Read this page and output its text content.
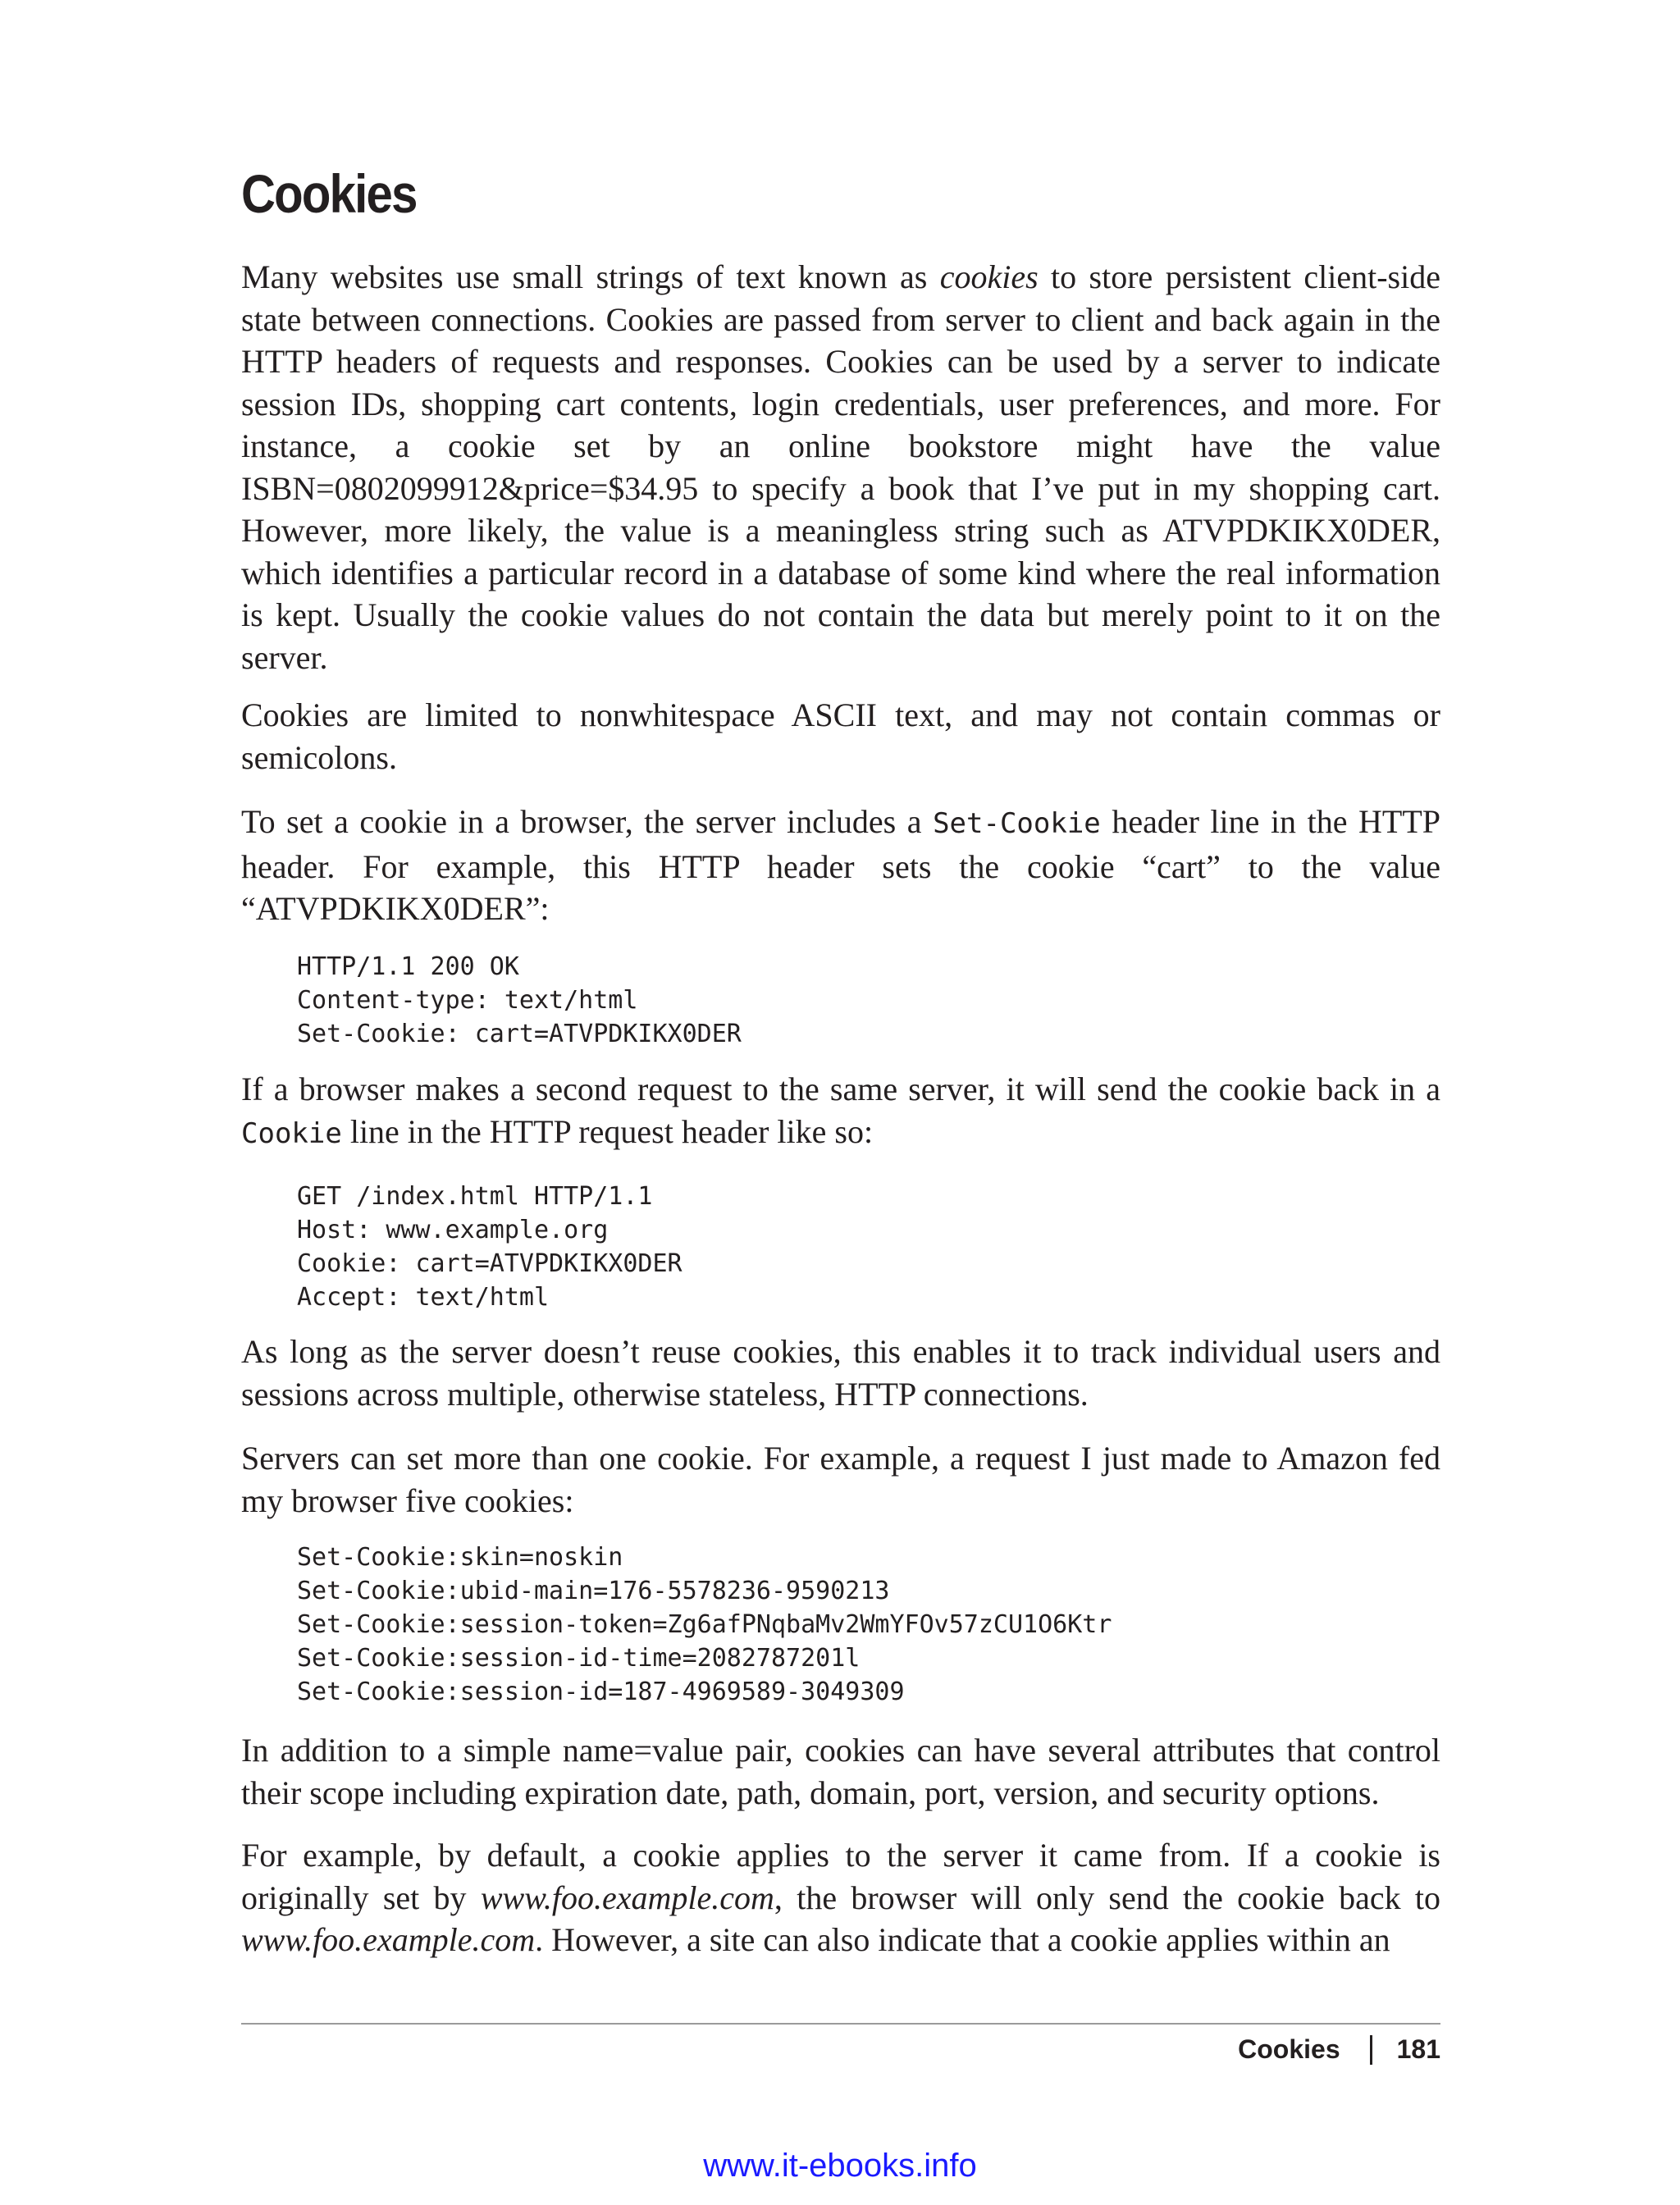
Cookies

Many websites use small strings of text known as cookies to store persistent client-side state between connections. Cookies are passed from server to client and back again in the HTTP headers of requests and responses. Cookies can be used by a server to indicate session IDs, shopping cart contents, login credentials, user preferences, and more. For instance, a cookie set by an online bookstore might have the value ISBN=0802099912&price=$34.95 to specify a book that I’ve put in my shopping cart. However, more likely, the value is a meaningless string such as ATVPDKIKX0DER, which identifies a particular record in a database of some kind where the real information is kept. Usually the cookie values do not contain the data but merely point to it on the server.

Cookies are limited to nonwhitespace ASCII text, and may not contain commas or semicolons.

To set a cookie in a browser, the server includes a Set-Cookie header line in the HTTP header. For example, this HTTP header sets the cookie “cart” to the value “ATVPDKIKX0DER”:

HTTP/1.1 200 OK
Content-type: text/html
Set-Cookie: cart=ATVPDKIKX0DER

If a browser makes a second request to the same server, it will send the cookie back in a Cookie line in the HTTP request header like so:

GET /index.html HTTP/1.1
Host: www.example.org
Cookie: cart=ATVPDKIKX0DER
Accept: text/html

As long as the server doesn’t reuse cookies, this enables it to track individual users and sessions across multiple, otherwise stateless, HTTP connections.

Servers can set more than one cookie. For example, a request I just made to Amazon fed my browser five cookies:

Set-Cookie:skin=noskin
Set-Cookie:ubid-main=176-5578236-9590213
Set-Cookie:session-token=Zg6afPNqbaMv2WmYFOv57zCU1O6Ktr
Set-Cookie:session-id-time=2082787201l
Set-Cookie:session-id=187-4969589-3049309

In addition to a simple name=value pair, cookies can have several attributes that control their scope including expiration date, path, domain, port, version, and security options.

For example, by default, a cookie applies to the server it came from. If a cookie is originally set by www.foo.example.com, the browser will only send the cookie back to www.foo.example.com. However, a site can also indicate that a cookie applies within an

Cookies 181
www.it-ebooks.info
